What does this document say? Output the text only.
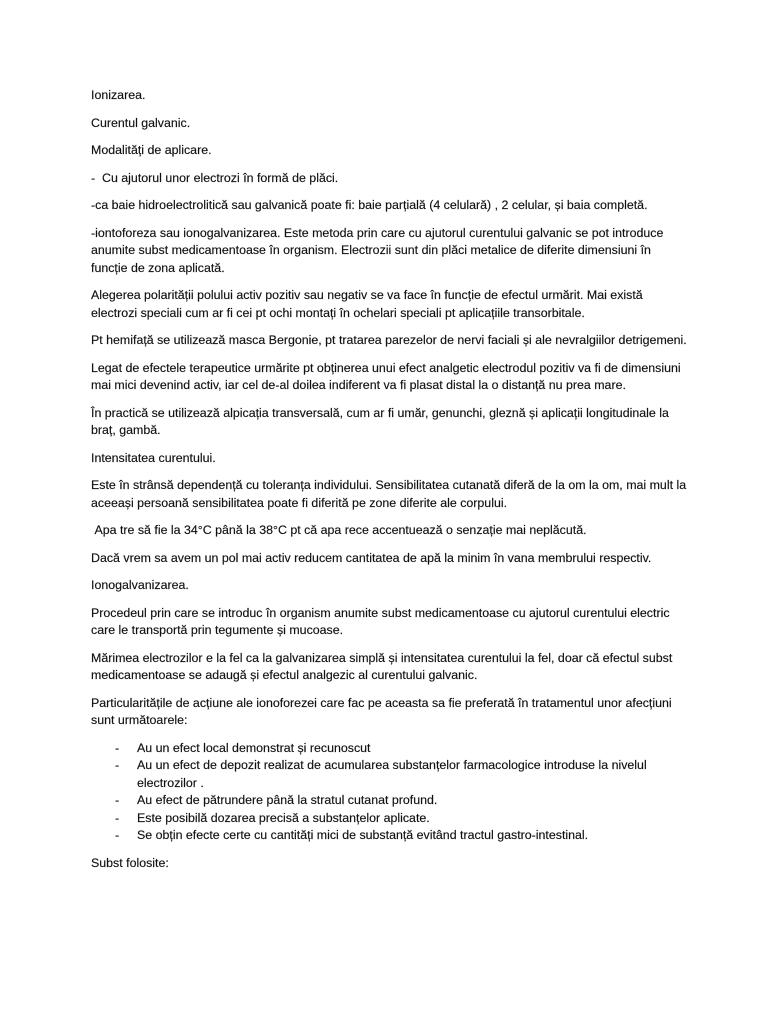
Ionizarea.

Curentul galvanic.

Modalități de aplicare.

-  Cu ajutorul unor electrozi în formă de plăci.

-ca baie hidroelectrolitică sau galvanică poate fi: baie parțială (4 celulară) , 2 celular, și baia completă.

-iontoforeza sau ionogalvanizarea. Este metoda prin care cu ajutorul curentului galvanic se pot introduce anumite subst medicamentoase în organism. Electrozii sunt din plăci metalice de diferite dimensiuni în funcție de zona aplicată.

Alegerea polarității polului activ pozitiv sau negativ se va face în funcție de efectul urmărit. Mai există electrozi speciali cum ar fi cei pt ochi montați în ochelari speciali pt aplicațiile transorbitale.

Pt hemifață se utilizează masca Bergonie, pt tratarea parezelor de nervi faciali și ale nevralgiilor detrigemeni.

Legat de efectele terapeutice urmărite pt obținerea unui efect analgetic electrodul pozitiv va fi de dimensiuni mai mici devenind activ, iar cel de-al doilea indiferent va fi plasat distal la o distanță nu prea mare.

În practică se utilizează alpicația transversală, cum ar fi umăr, genunchi, gleznă și aplicații longitudinale la braț, gambă.

Intensitatea curentului.

Este în strânsă dependență cu toleranța individului. Sensibilitatea cutanată diferă de la om la om, mai mult la aceeași persoană sensibilitatea poate fi diferită pe zone diferite ale corpului.

Apa tre să fie la 34°C până la 38°C pt că apa rece accentuează o senzație mai neplăcută.

Dacă vrem sa avem un pol mai activ reducem cantitatea de apă la minim în vana membrului respectiv.

Ionogalvanizarea.

Procedeul prin care se introduc în organism anumite subst medicamentoase cu ajutorul curentului electric care le transportă prin tegumente și mucoase.

Mărimea electrozilor e la fel ca la galvanizarea simplă și intensitatea curentului la fel, doar că efectul subst medicamentoase se adaugă și efectul analgezic al curentului galvanic.

Particularitățile de acțiune ale ionoforezei care fac pe aceasta sa fie preferată în tratamentul unor afecțiuni sunt următoarele:

-	Au un efect local demonstrat și recunoscut
-	Au un efect de depozit realizat de acumularea substanțelor farmacologice introduse la nivelul electrozilor .
-	Au efect de pătrundere până la stratul cutanat profund.
-	Este posibilă dozarea precisă a substanțelor aplicate.
-	Se obțin efecte certe cu cantități mici de substanță evitând tractul gastro-intestinal.

Subst folosite:
